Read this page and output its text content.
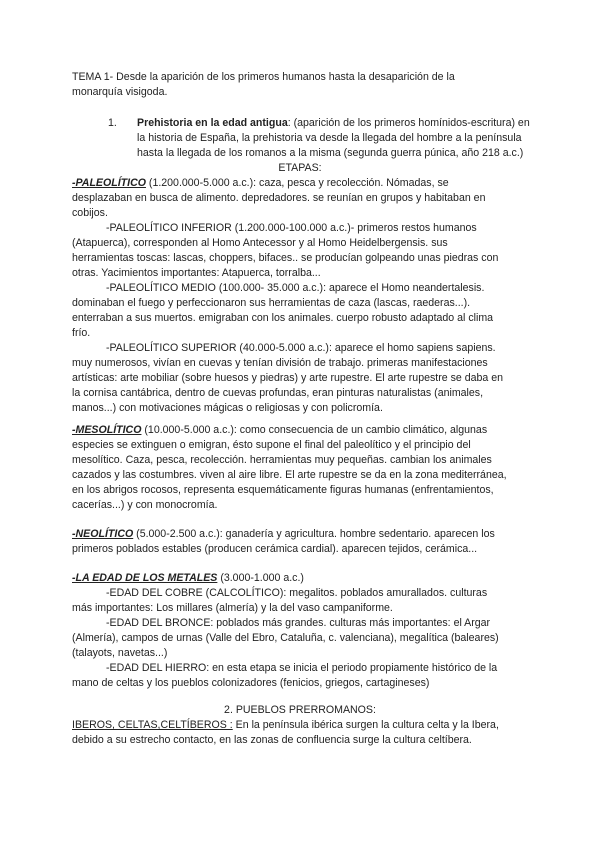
TEMA 1- Desde la aparición de los primeros humanos hasta la desaparición de la
monarquía visigoda.
1. Prehistoria en la edad antigua: (aparición de los primeros homínidos-escritura) en
la historia de España, la prehistoria va desde la llegada del hombre a la península
hasta la llegada de los romanos a la misma (segunda guerra púnica, año 218 a.c.)
ETAPAS:
-PALEOLÍTICO (1.200.000-5.000 a.c.): caza, pesca y recolección. Nómadas, se
desplazaban en busca de alimento. depredadores. se reunían en grupos y habitaban en
cobijos.
-PALEOLÍTICO INFERIOR (1.200.000-100.000 a.c.)- primeros restos humanos
(Atapuerca), corresponden al Homo Antecessor y al Homo Heidelbergensis. sus
herramientas toscas: lascas, choppers, bifaces.. se producían golpeando unas piedras con
otras. Yacimientos importantes: Atapuerca, torralba...
-PALEOLÍTICO MEDIO (100.000- 35.000 a.c.): aparece el Homo neandertalesis.
dominaban el fuego y perfeccionaron sus herramientas de caza (lascas, raederas...).
enterraban a sus muertos. emigraban con los animales. cuerpo robusto adaptado al clima
frío.
-PALEOLÍTICO SUPERIOR (40.000-5.000 a.c.): aparece el homo sapiens sapiens.
muy numerosos, vivían en cuevas y tenían división de trabajo. primeras manifestaciones
artísticas: arte mobiliar (sobre huesos y piedras) y arte rupestre. El arte rupestre se daba en
la cornisa cantábrica, dentro de cuevas profundas, eran pinturas naturalistas (animales,
manos...) con motivaciones mágicas o religiosas y con policromía.
-MESOLÍTICO (10.000-5.000 a.c.): como consecuencia de un cambio climático, algunas
especies se extinguen o emigran, ésto supone el final del paleolítico y el principio del
mesolítico. Caza, pesca, recolección. herramientas muy pequeñas. cambian los animales
cazados y las costumbres. viven al aire libre. El arte rupestre se da en la zona mediterránea,
en los abrigos rocosos, representa esquemáticamente figuras humanas (enfrentamientos,
cacerías...) y con monocromía.
-NEOLÍTICO (5.000-2.500 a.c.): ganadería y agricultura. hombre sedentario. aparecen los
primeros poblados estables (producen cerámica cardial). aparecen tejidos, cerámica...
-LA EDAD DE LOS METALES (3.000-1.000 a.c.)
-EDAD DEL COBRE (CALCOLÍTICO): megalitos. poblados amurallados. culturas
más importantes: Los millares (almería) y la del vaso campaniforme.
-EDAD DEL BRONCE: poblados más grandes. culturas más importantes: el Argar
(Almería), campos de urnas (Valle del Ebro, Cataluña, c. valenciana), megalítica (baleares)
(talayots, navetas...)
-EDAD DEL HIERRO: en esta etapa se inicia el periodo propiamente histórico de la
mano de celtas y los pueblos colonizadores (fenicios, griegos, cartagineses)
2. PUEBLOS PRERROMANOS:
IBEROS, CELTAS,CELTÍBEROS : En la península ibérica surgen la cultura celta y la Ibera,
debido a su estrecho contacto, en las zonas de confluencia surge la cultura celtíbera.
